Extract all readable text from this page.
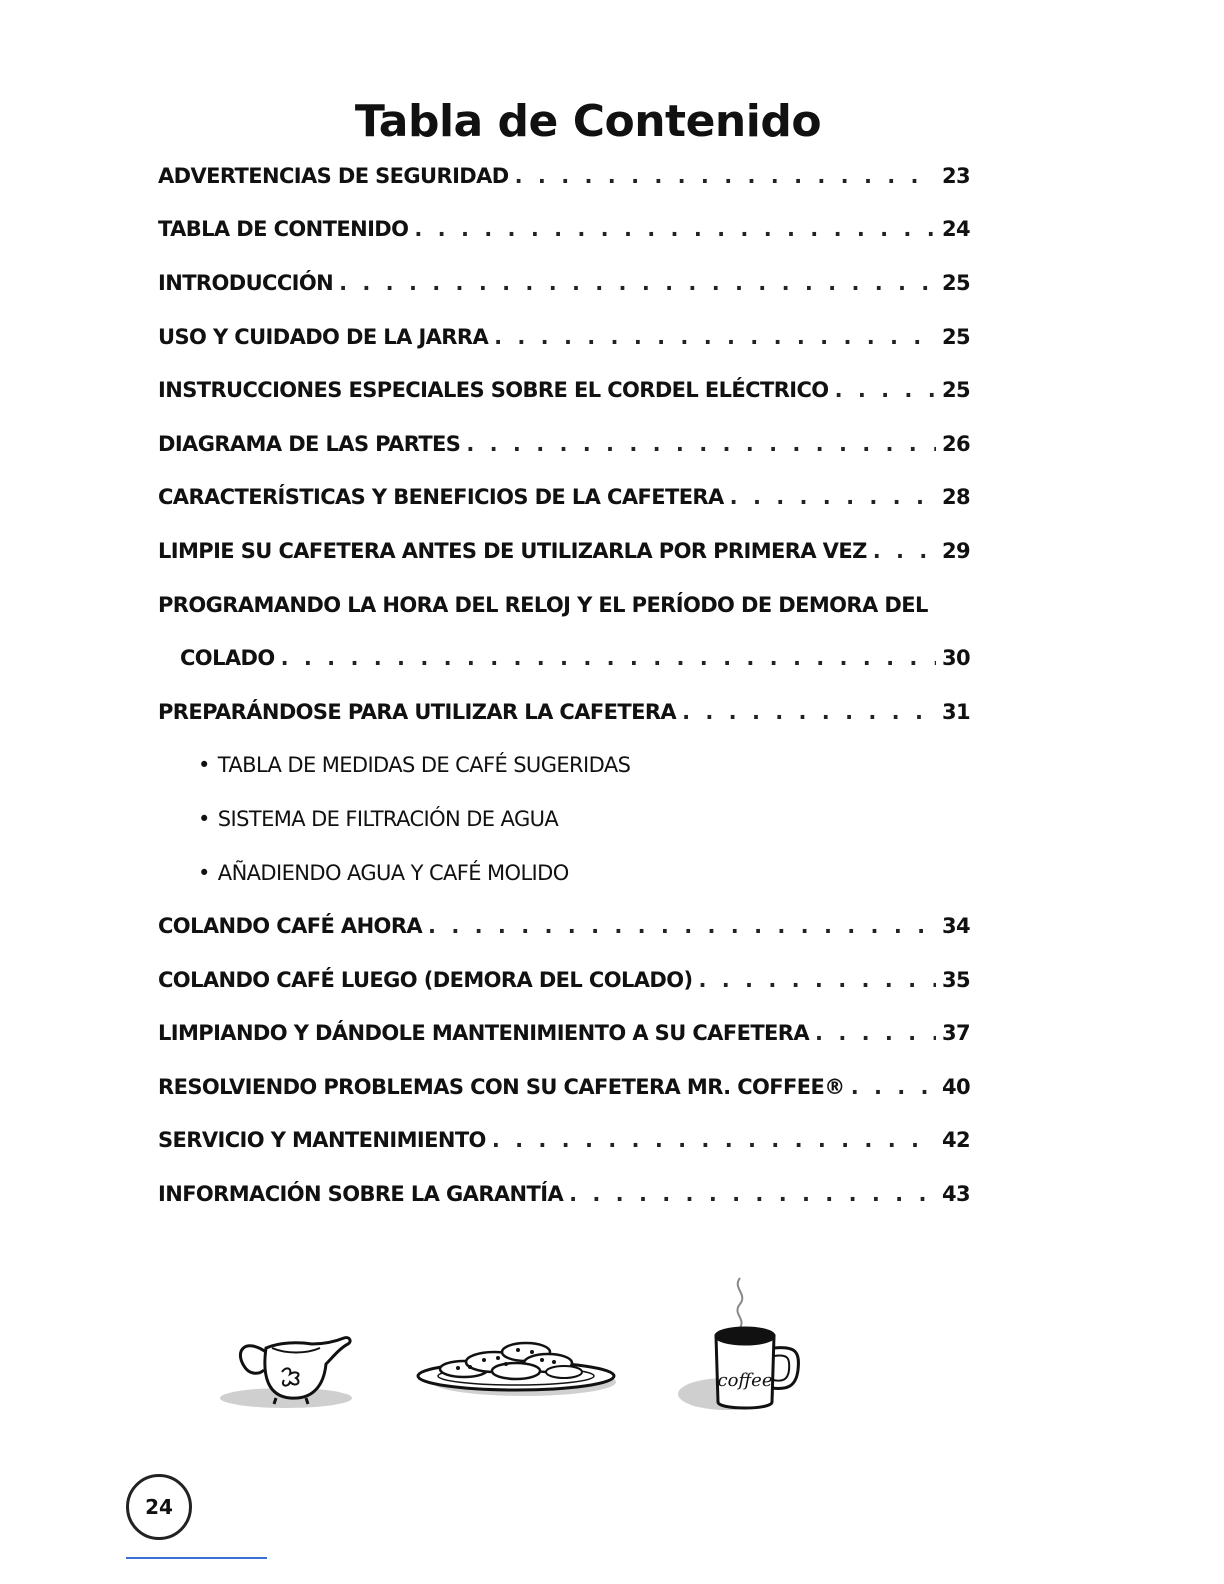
Tabla de Contenido
ADVERTENCIAS DE SEGURIDAD . . .	23
TABLA DE CONTENIDO . . .	24
INTRODUCCIÓN . . .	25
USO Y CUIDADO DE LA JARRA . . .	25
INSTRUCCIONES ESPECIALES SOBRE EL CORDEL ELÉCTRICO . . .	25
DIAGRAMA DE LAS PARTES . . .	26
CARACTERÍSTICAS Y BENEFICIOS DE LA CAFETERA . . .	28
LIMPIE SU CAFETERA ANTES DE UTILIZARLA POR PRIMERA VEZ . . .	29
PROGRAMANDO LA HORA DEL RELOJ Y EL PERÍODO DE DEMORA DEL
COLADO . . .	30
PREPARÁNDOSE PARA UTILIZAR LA CAFETERA . . .	31
• TABLA DE MEDIDAS DE CAFÉ SUGERIDAS
• SISTEMA DE FILTRACIÓN DE AGUA
• AÑADIENDO AGUA Y CAFÉ MOLIDO
COLANDO CAFÉ AHORA . . .	34
COLANDO CAFÉ LUEGO (DEMORA DEL COLADO) . . .	35
LIMPIANDO Y DÁNDOLE MANTENIMIENTO A SU CAFETERA . . .	37
RESOLVIENDO PROBLEMAS CON SU CAFETERA MR. COFFEE® . . .	40
SERVICIO Y MANTENIMIENTO . . .	42
INFORMACIÓN SOBRE LA GARANTÍA . . .	43
coffee
24
